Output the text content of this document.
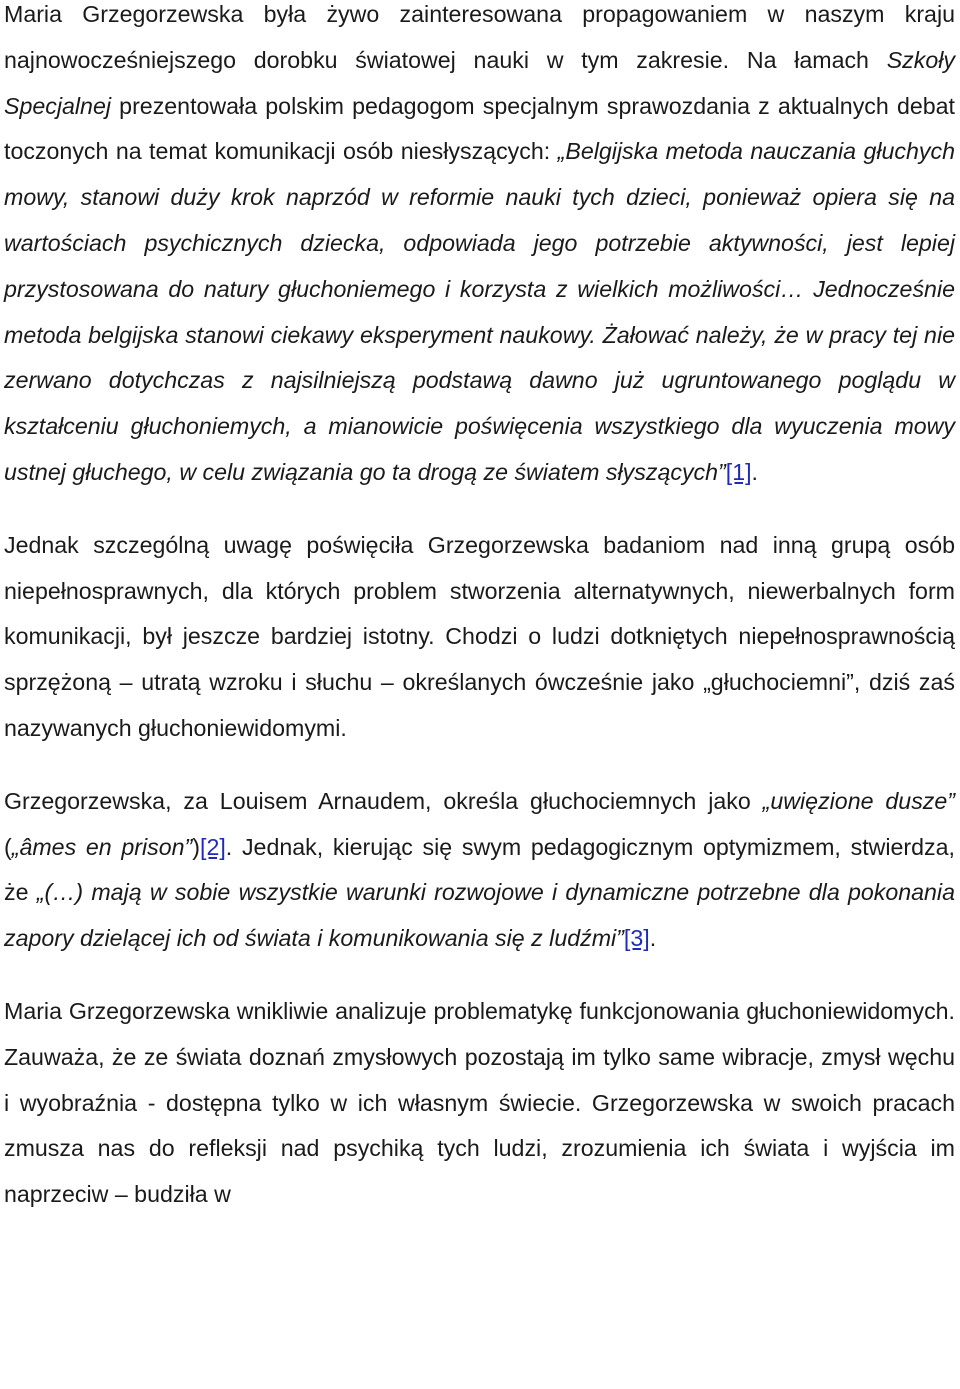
Maria Grzegorzewska była żywo zainteresowana propagowaniem w naszym kraju najnowocześniejszego dorobku światowej nauki w tym zakresie. Na łamach Szkoły Specjalnej prezentowała polskim pedagogom specjalnym sprawozdania z aktualnych debat toczonych na temat komunikacji osób niesłyszących: „Belgijska metoda nauczania głuchych mowy, stanowi duży krok naprzód w reformie nauki tych dzieci, ponieważ opiera się na wartościach psychicznych dziecka, odpowiada jego potrzebie aktywności, jest lepiej przystosowana do natury głuchoniemego i korzysta z wielkich możliwości… Jednocześnie metoda belgijska stanowi ciekawy eksperyment naukowy. Żałować należy, że w pracy tej nie zerwano dotychczas z najsilniejszą podstawą dawno już ugruntowanego poglądu w kształceniu głuchoniemych, a mianowicie poświęcenia wszystkiego dla wyuczenia mowy ustnej głuchego, w celu związania go ta drogą ze światem słyszących”[1].

Jednak szczególną uwagę poświęciła Grzegorzewska badaniom nad inną grupą osób niepełnosprawnych, dla których problem stworzenia alternatywnych, niewerbalnych form komunikacji, był jeszcze bardziej istotny. Chodzi o ludzi dotkniętych niepełnosprawnością sprzężoną – utratą wzroku i słuchu – określanych ówcześnie jako „głuchociemni”, dziś zaś nazywanych głuchoniewidomymi.

Grzegorzewska, za Louisem Arnaudem, określa głuchociemnych jako „uwięzione dusze” („âmes en prison”)[2]. Jednak, kierując się swym pedagogicznym optymizmem, stwierdza, że „(…) mają w sobie wszystkie warunki rozwojowe i dynamiczne potrzebne dla pokonania zapory dzielącej ich od świata i komunikowania się z ludźmi”[3].

Maria Grzegorzewska wnikliwie analizuje problematykę funkcjonowania głuchoniewidomych. Zauważa, że ze świata doznań zmysłowych pozostają im tylko same wibracje, zmysł węchu i wyobraźnia - dostępna tylko w ich własnym świecie. Grzegorzewska w swoich pracach zmusza nas do refleksji nad psychiką tych ludzi, zrozumienia ich świata i wyjścia im naprzeciw – budziła w
